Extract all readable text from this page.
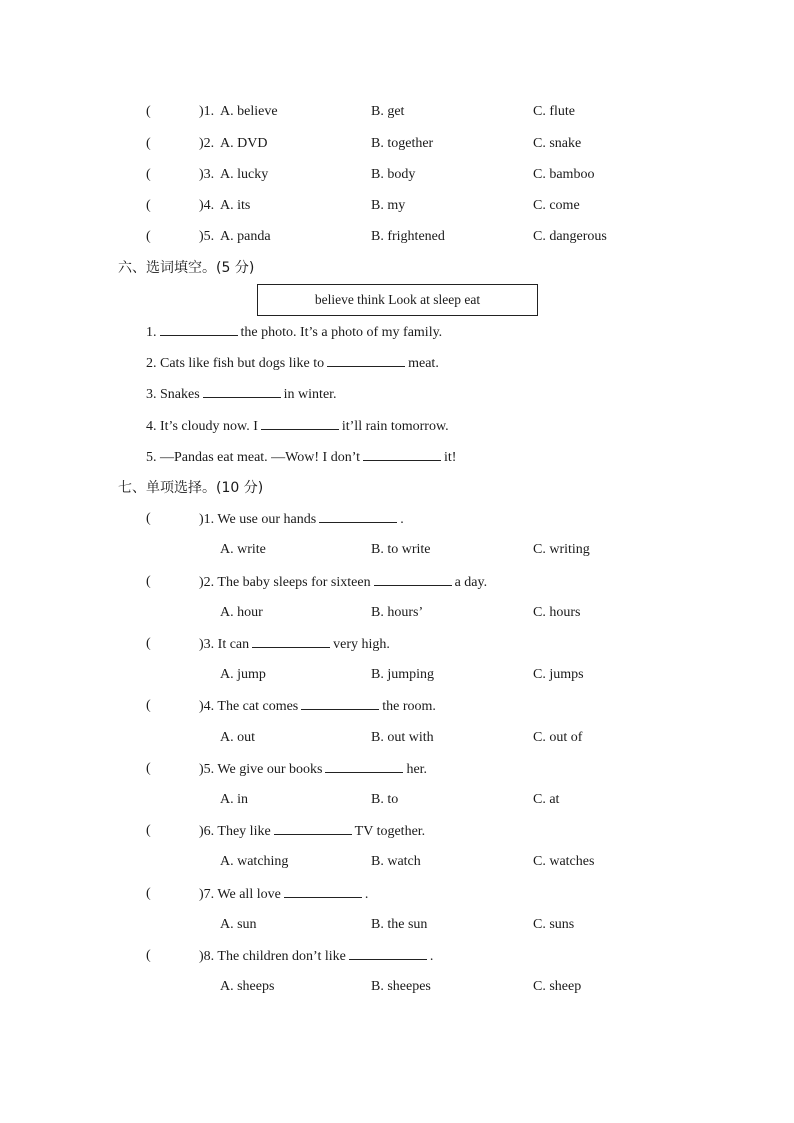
(	)1. A. believe	B. get	C. flute
(	)2. A. DVD	B. together	C. snake
(	)3. A. lucky	B. body	C. bamboo
(	)4. A. its	B. my	C. come
(	)5. A. panda	B. frightened	C. dangerous
六、选词填空。(5 分)
believe think Look at sleep eat
1.	the photo. It’s a photo of my family.
2. Cats like fish but dogs like to	meat.
3. Snakes	in winter.
4. It’s cloudy now. I	it’ll rain tomorrow.
5. —Pandas eat meat. —Wow! I don’t	it!
七、单项选择。(10 分)
(	)1. We use our hands	.
A. write	B. to write	C. writing
(	)2. The baby sleeps for sixteen	a day.
A. hour	B. hours’	C. hours
(	)3. It can	very high.
A. jump	B. jumping	C. jumps
(	)4. The cat comes	the room.
A. out	B. out with	C. out of
(	)5. We give our books	her.
A. in	B. to	C. at
(	)6. They like	TV together.
A. watching	B. watch	C. watches
(	)7. We all love	.
A. sun	B. the sun	C. suns
(	)8. The children don’t like	.
A. sheeps	B. sheepes	C. sheep
